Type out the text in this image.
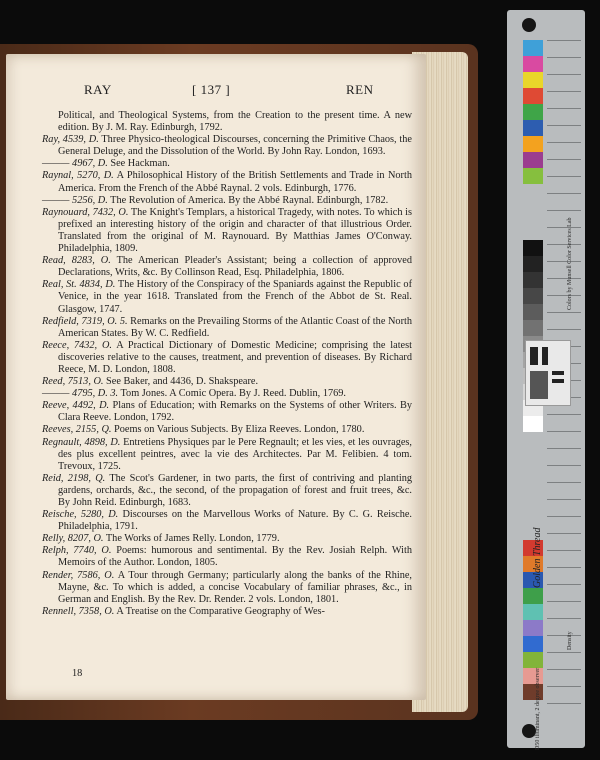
RAY	[ 137 ]	REN

Political, and Theological Systems, from the Creation to the present time. A new edition. By J. M. Ray. Edinburgh, 1792.

Ray, 4539, D. Three Physico-theological Discourses, concerning the Primitive Chaos, the General Deluge, and the Dissolution of the World. By John Ray. London, 1693.

——— 4967, D. See Hackman.

Raynal, 5270, D. A Philosophical History of the British Settlements and Trade in North America. From the French of the Abbé Raynal. 2 vols. Edinburgh, 1776.

——— 5256, D. The Revolution of America. By the Abbé Raynal. Edinburgh, 1782.

Raynouard, 7432, O. The Knight's Templars, a historical Tragedy, with notes. To which is prefixed an interesting history of the origin and character of that illustrious Order. Translated from the original of M. Raynouard. By Matthias James O'Conway. Philadelphia, 1809.

Read, 8283, O. The American Pleader's Assistant; being a collection of approved Declarations, Writs, &c. By Collinson Read, Esq. Philadelphia, 1806.

Real, St. 4834, D. The History of the Conspiracy of the Spaniards against the Republic of Venice, in the year 1618. Translated from the French of the Abbot de St. Real. Glasgow, 1747.

Redfield, 7319, O. 5. Remarks on the Prevailing Storms of the Atlantic Coast of the North American States. By W. C. Redfield.

Reece, 7432, O. A Practical Dictionary of Domestic Medicine; comprising the latest discoveries relative to the causes, treatment, and prevention of diseases. By Richard Reece, M. D. London, 1808.

Reed, 7513, O. See Baker, and 4436, D. Shakspeare.

——— 4795, D. 3. Tom Jones. A Comic Opera. By J. Reed. Dublin, 1769.

Reeve, 4492, D. Plans of Education; with Remarks on the Systems of other Writers. By Clara Reeve. London, 1792.

Reeves, 2155, Q. Poems on Various Subjects. By Eliza Reeves. London, 1780.

Regnault, 4898, D. Entretiens Physiques par le Pere Regnault; et les vies, et les ouvrages, des plus excellent peintres, avec la vie des Architectes. Par M. Felibien. 4 tom. Trevoux, 1725.

Reid, 2198, Q. The Scot's Gardener, in two parts, the first of contriving and planting gardens, orchards, &c., the second, of the propagation of forest and fruit trees, &c. By John Reid. Edinburgh, 1683.

Reische, 5280, D. Discourses on the Marvellous Works of Nature. By C. G. Reische. Philadelphia, 1791.

Relly, 8207, O. The Works of James Relly. London, 1779.

Relph, 7740, O. Poems: humorous and sentimental. By the Rev. Josiah Relph. With Memoirs of the Author. London, 1805.

Render, 7586, O. A Tour through Germany; particularly along the banks of the Rhine, Mayne, &c. To which is added, a concise Vocabulary of familiar phrases, &c., in German and English. By the Rev. Dr. Render. 2 vols. London, 1801.

Rennell, 7358, O. A Treatise on the Comparative Geography of Wes-

18
Colors by Munsell Color Services Lab
D50 illuminant, 2 degree observer
Density
Golden Thread
